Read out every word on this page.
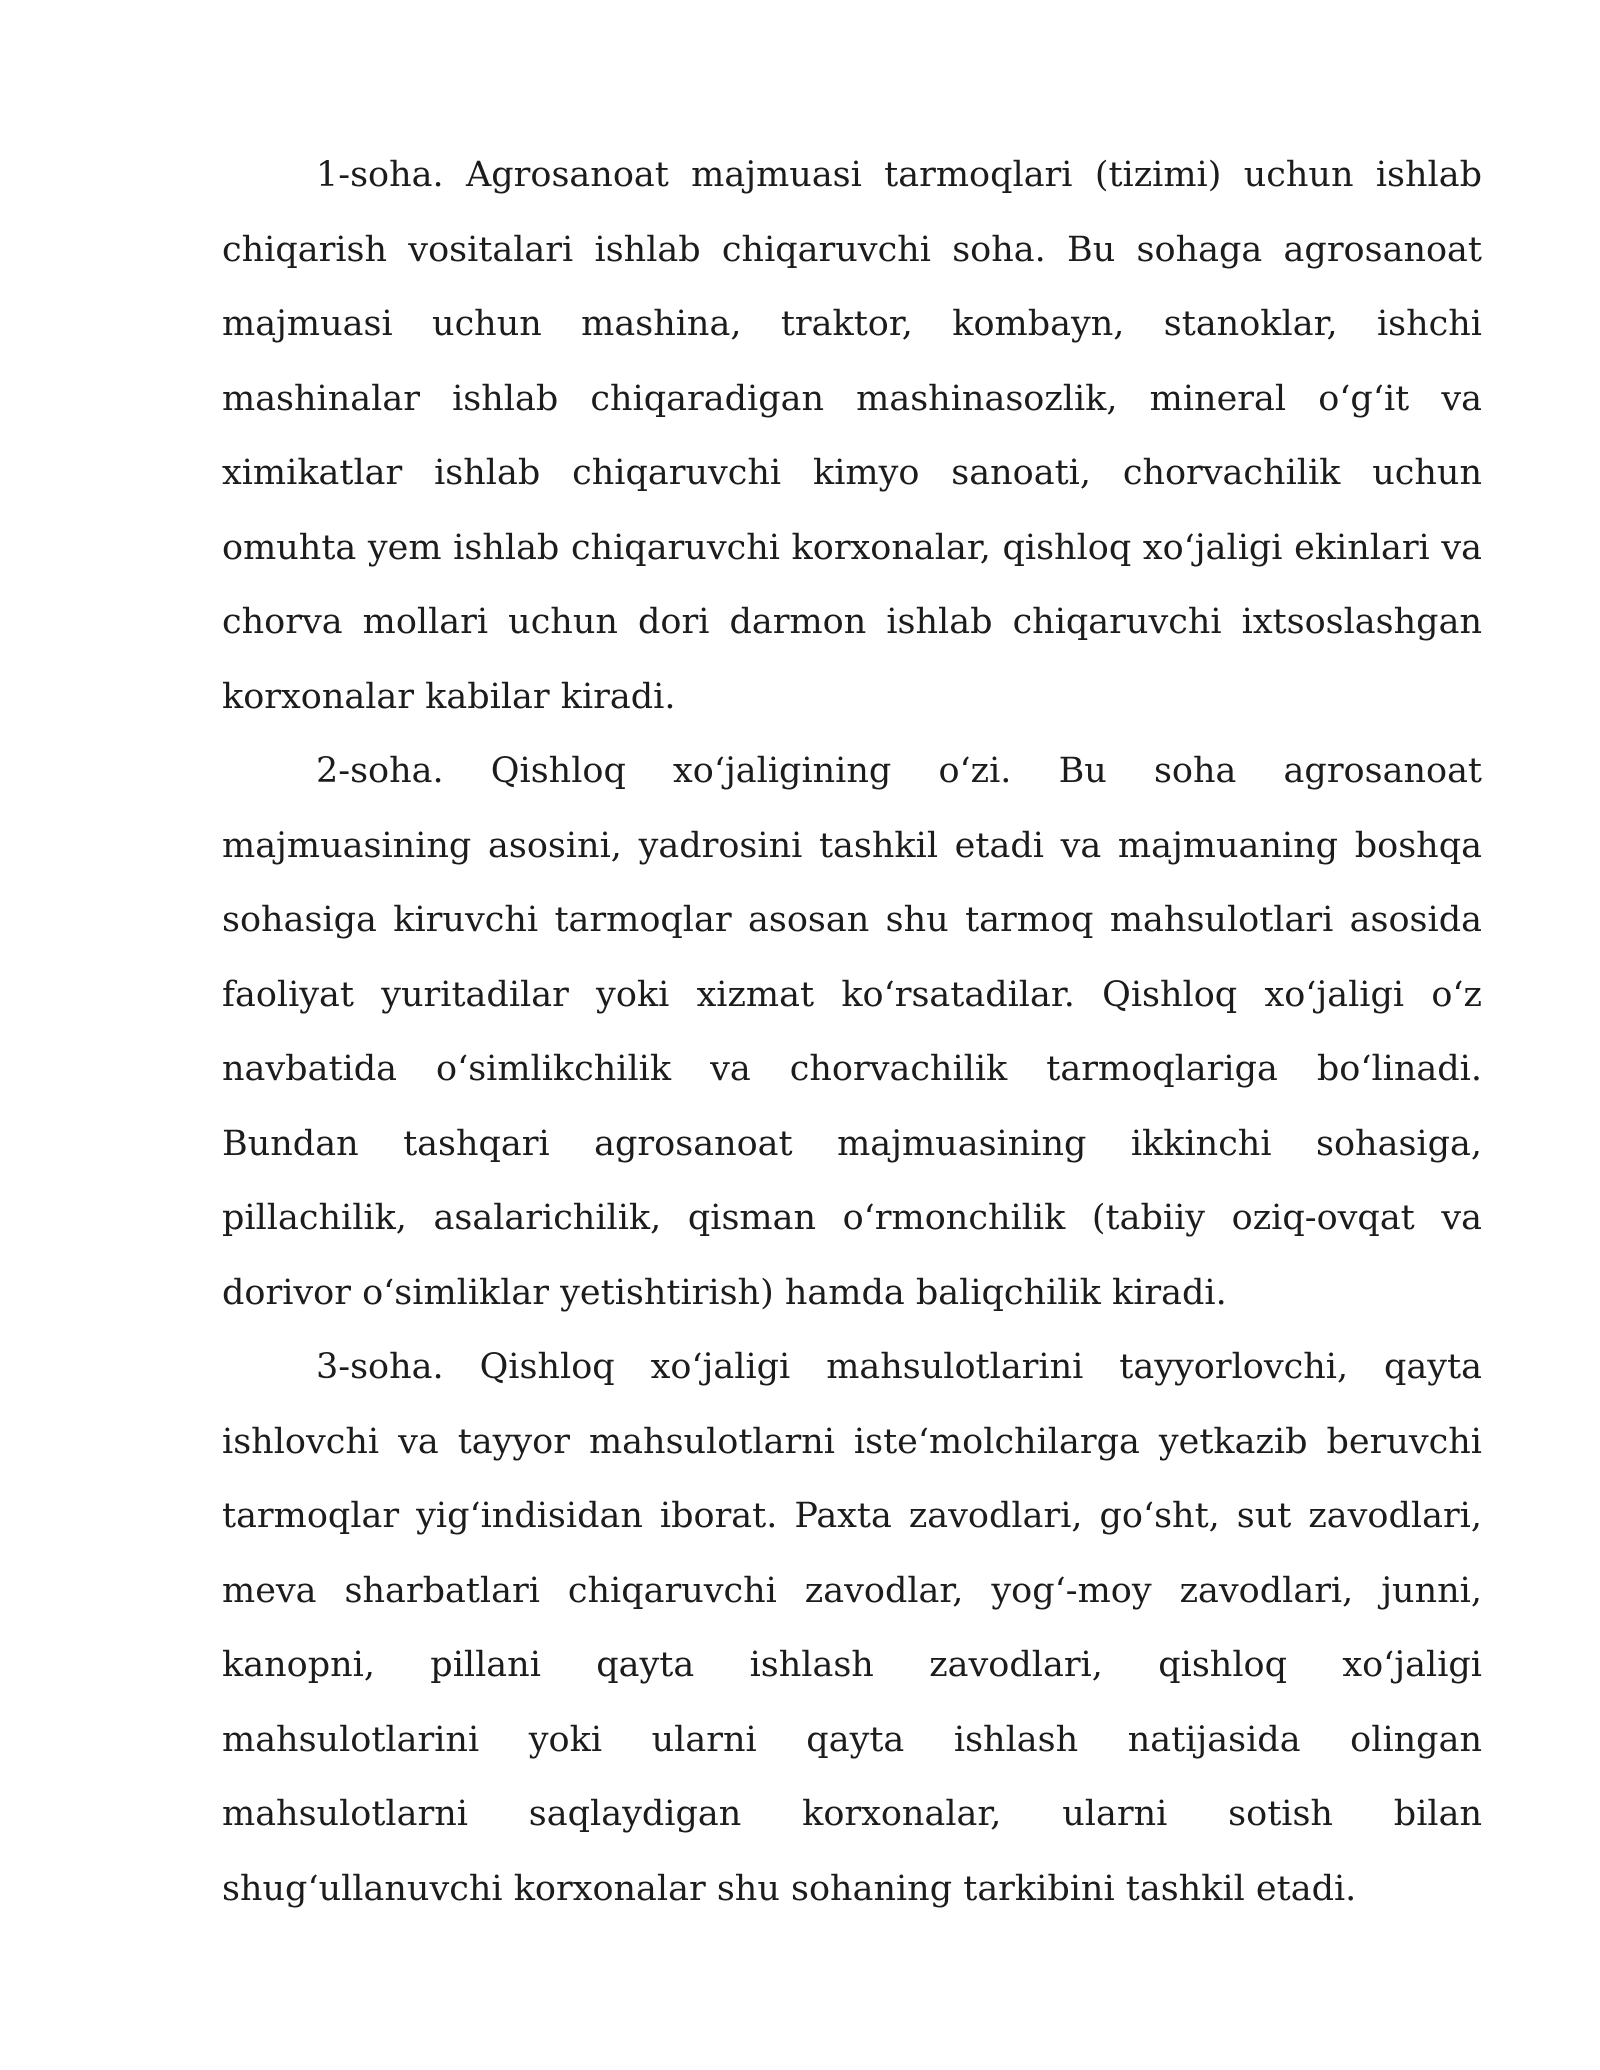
1-soha. Agrosanoat majmuasi tarmoqlari (tizimi) uchun ishlab chiqarish vositalari ishlab chiqaruvchi soha. Bu sohaga agrosanoat majmuasi uchun mashina, traktor, kombayn, stanoklar, ishchi mashinalar ishlab chiqaradigan mashinasozlik, mineral o‘g‘it va ximikatlar ishlab chiqaruvchi kimyo sanoati, chorvachilik uchun omuhta yem ishlab chiqaruvchi korxonalar, qishloq xo‘jaligi ekinlari va chorva mollari uchun dori darmon ishlab chiqaruvchi ixtsoslashgan korxonalar kabilar kiradi.

2-soha. Qishloq xo‘jaligining o‘zi. Bu soha agrosanoat majmuasining asosini, yadrosini tashkil etadi va majmuaning boshqa sohasiga kiruvchi tarmoqlar asosan shu tarmoq mahsulotlari asosida faoliyat yuritadilar yoki xizmat ko‘rsatadilar. Qishloq xo‘jaligi o‘z navbatida o‘simlikchilik va chorvachilik tarmoqlariga bo‘linadi. Bundan tashqari agrosanoat majmuasining ikkinchi sohasiga, pillachilik, asalarichilik, qisman o‘rmonchilik (tabiiy oziq-ovqat va dorivor o‘simliklar yetishtirish) hamda baliqchilik kiradi.

3-soha. Qishloq xo‘jaligi mahsulotlarini tayyorlovchi, qayta ishlovchi va tayyor mahsulotlarni iste‘molchilarga yetkazib beruvchi tarmoqlar yig‘indisidan iborat. Paxta zavodlari, go‘sht, sut zavodlari, meva sharbatlari chiqaruvchi zavodlar, yog‘-moy zavodlari, junni, kanopni, pillani qayta ishlash zavodlari, qishloq xo‘jaligi mahsulotlarini yoki ularni qayta ishlash natijasida olingan mahsulotlarni saqlaydigan korxonalar, ularni sotish bilan shug‘ullanuvchi korxonalar shu sohaning tarkibini tashkil etadi.
